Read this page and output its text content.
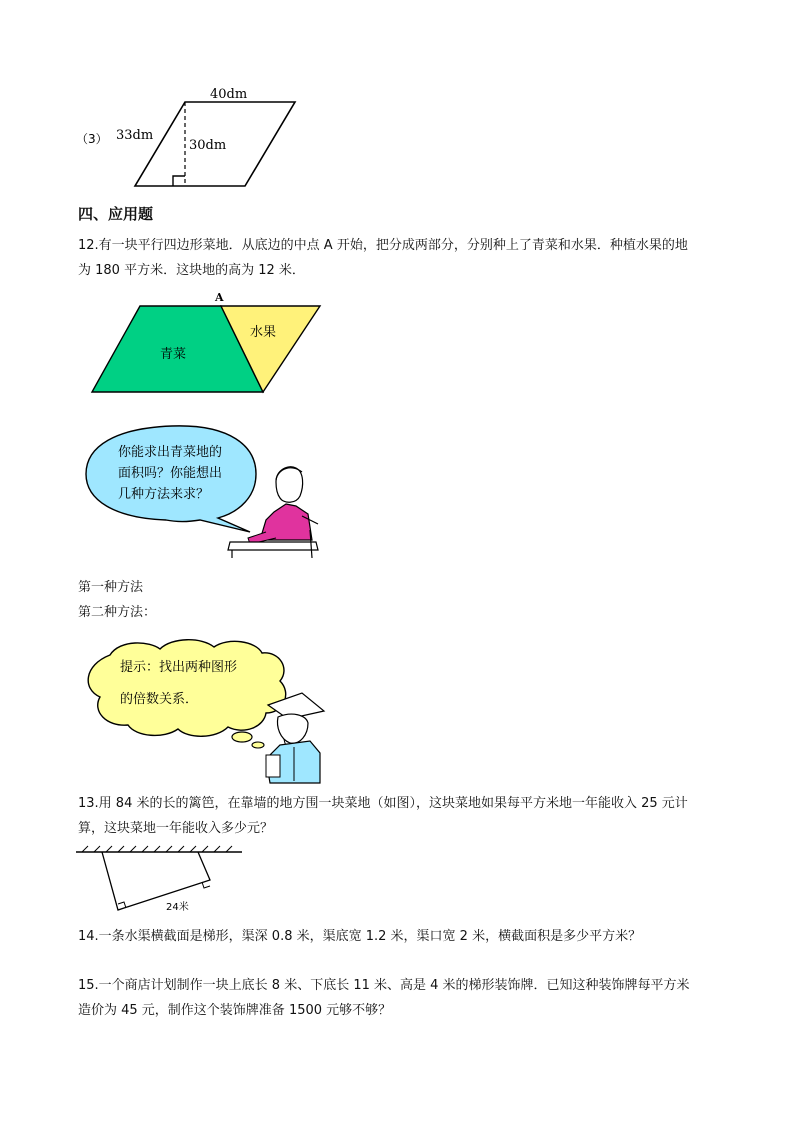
（3）
40dm
33dm
30dm
四、应用题
12.有一块平行四边形菜地．从底边的中点 A 开始，把分成两部分，分别种上了青菜和水果．种植水果的地
为 180 平方米．这块地的高为 12 米．
A
青菜
水果
你能求出青菜地的
面积吗？你能想出
几种方法来求？
第一种方法
第二种方法：
提示：找出两种图形
的倍数关系．
13.用 84 米的长的篱笆，在靠墙的地方围一块菜地（如图），这块菜地如果每平方米地一年能收入 25 元计
算，这块菜地一年能收入多少元？
24米
14.一条水渠横截面是梯形，渠深 0.8 米，渠底宽 1.2 米，渠口宽 2 米，横截面积是多少平方米？
15.一个商店计划制作一块上底长 8 米、下底长 11 米、高是 4 米的梯形装饰牌．已知这种装饰牌每平方米
造价为 45 元，制作这个装饰牌准备 1500 元够不够？
